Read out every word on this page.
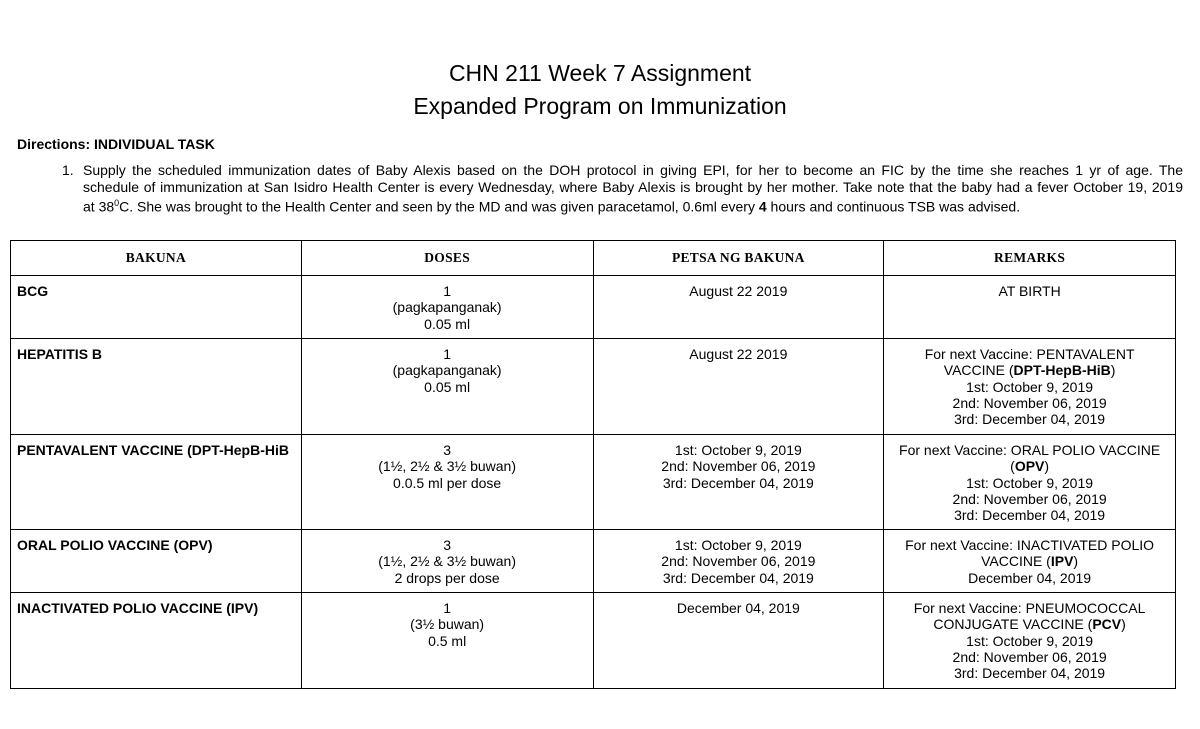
CHN 211 Week 7 Assignment
Expanded Program on Immunization
Directions: INDIVIDUAL TASK
1. Supply the scheduled immunization dates of Baby Alexis based on the DOH protocol in giving EPI, for her to become an FIC by the time she reaches 1 yr of age. The
schedule of immunization at San Isidro Health Center is every Wednesday, where Baby Alexis is brought by her mother. Take note that the baby had a fever October 19, 2019
at $38^0C$. She was brought to the Health Center and seen by the MD and was given paracetamol, 0.6ml every 4 hours and continuous TSB was advised.
BAKUNA	DOSES	PETSA NG BAKUNA	REMARKS
BCG	1
(pagkapanganak)
0.05 ml	August 22 2019	AT BIRTH

HEPATITIS B	1
(pagkapanganak)
0.05 ml	August 22 2019	For next Vaccine: PENTAVALENT
VACCINE (DPT-HepB-HiB)
1st: October 9, 2019
2nd: November 06, 2019
3rd: December 04, 2019

PENTAVALENT VACCINE (DPT-HepB-HiB	3
(1½, 2½ & 3½ buwan)
0.0.5 ml per dose	1st: October 9, 2019
2nd: November 06, 2019
3rd: December 04, 2019	For next Vaccine: ORAL POLIO VACCINE
(OPV)
1st: October 9, 2019
2nd: November 06, 2019
3rd: December 04, 2019

ORAL POLIO VACCINE (OPV)	3
(1½, 2½ & 3½ buwan)
2 drops per dose	1st: October 9, 2019
2nd: November 06, 2019
3rd: December 04, 2019	For next Vaccine: INACTIVATED POLIO
VACCINE (IPV)
December 04, 2019

INACTIVATED POLIO VACCINE (IPV)	1
(3½ buwan)
0.5 ml	December 04, 2019	For next Vaccine: PNEUMOCOCCAL
CONJUGATE VACCINE (PCV)
1st: October 9, 2019
2nd: November 06, 2019
3rd: December 04, 2019
